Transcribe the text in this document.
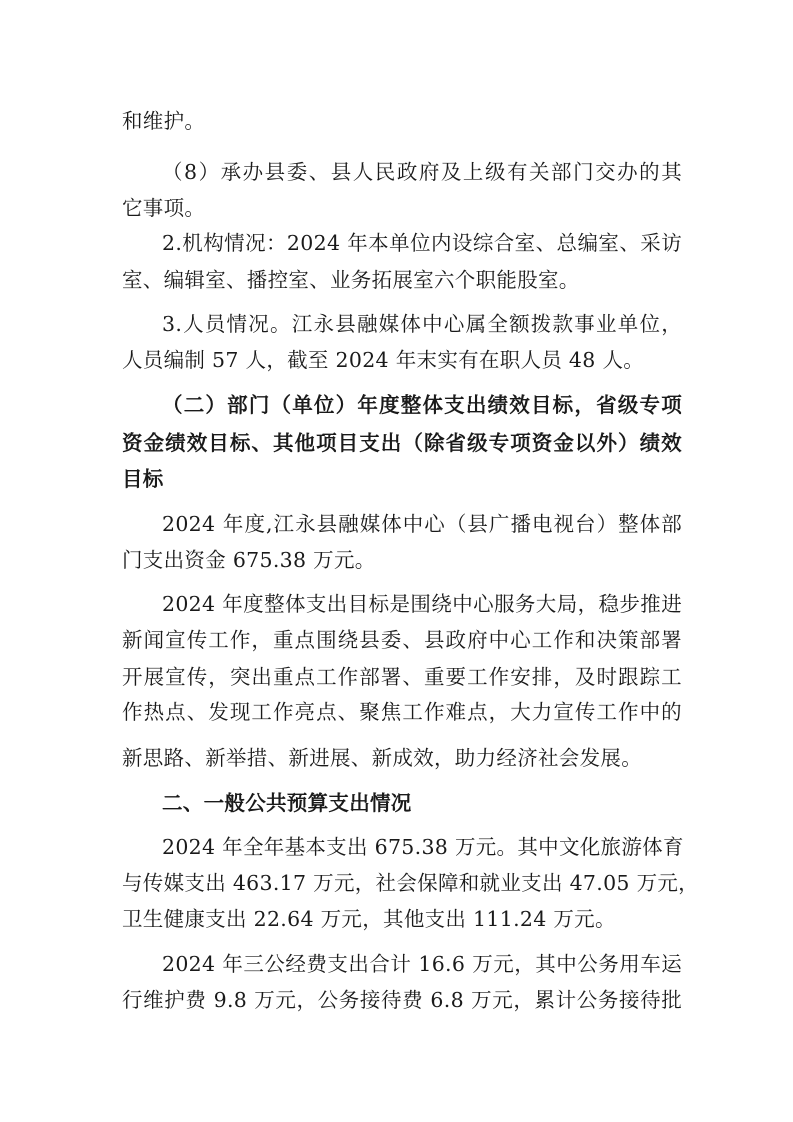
和维护。
（8）承办县委、县人民政府及上级有关部门交办的其
它事项。
2.机构情况：2024 年本单位内设综合室、总编室、采访
室、编辑室、播控室、业务拓展室六个职能股室。
3.人员情况。江永县融媒体中心属全额拨款事业单位，
人员编制 57 人，截至 2024 年末实有在职人员 48 人。
（二）部门（单位）年度整体支出绩效目标，省级专项
资金绩效目标、其他项目支出（除省级专项资金以外）绩效
目标
2024 年度,江永县融媒体中心（县广播电视台）整体部
门支出资金 675.38 万元。
2024 年度整体支出目标是围绕中心服务大局，稳步推进
新闻宣传工作，重点围绕县委、县政府中心工作和决策部署
开展宣传，突出重点工作部署、重要工作安排，及时跟踪工
作热点、发现工作亮点、聚焦工作难点，大力宣传工作中的
新思路、新举措、新进展、新成效，助力经济社会发展。
二、一般公共预算支出情况
2024 年全年基本支出 675.38 万元。其中文化旅游体育
与传媒支出 463.17 万元，社会保障和就业支出 47.05 万元，
卫生健康支出 22.64 万元，其他支出 111.24 万元。
2024 年三公经费支出合计 16.6 万元，其中公务用车运
行维护费 9.8 万元，公务接待费 6.8 万元，累计公务接待批
